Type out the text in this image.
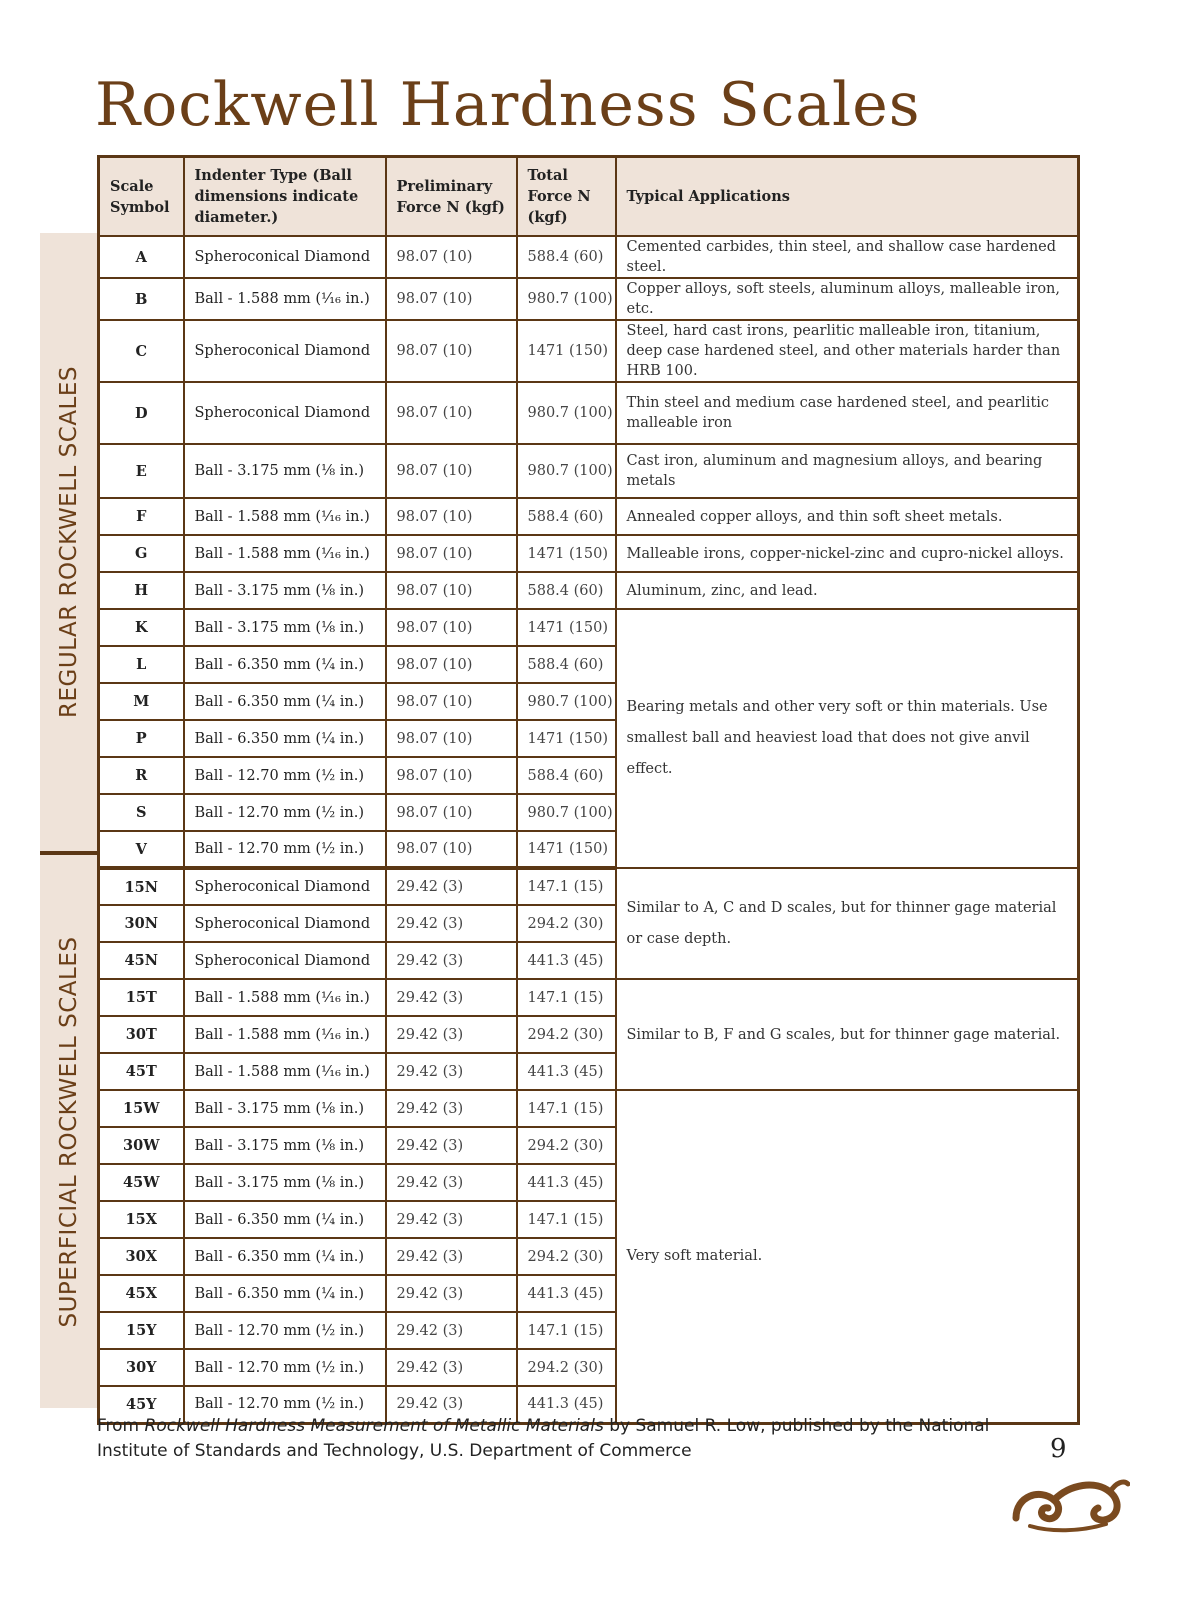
Rockwell Hardness Scales
REGULAR ROCKWELL SCALES
SUPERFICIAL ROCKWELL SCALES
Scale Symbol	Indenter Type (Ball dimensions indicate diameter.)	Preliminary Force N (kgf)	Total Force N (kgf)	Typical Applications
A	Spheroconical Diamond	98.07 (10)	588.4 (60)	Cemented carbides, thin steel, and shallow case hardened steel.
B	Ball - 1.588 mm (¹⁄₁₆ in.)	98.07 (10)	980.7 (100)	Copper alloys, soft steels, aluminum alloys, malleable iron, etc.
C	Spheroconical Diamond	98.07 (10)	1471 (150)	Steel, hard cast irons, pearlitic malleable iron, titanium, deep case hardened steel, and other materials harder than HRB 100.
D	Spheroconical Diamond	98.07 (10)	980.7 (100)	Thin steel and medium case hardened steel, and pearlitic malleable iron
E	Ball - 3.175 mm (⅛ in.)	98.07 (10)	980.7 (100)	Cast iron, aluminum and magnesium alloys, and bearing metals
F	Ball - 1.588 mm (¹⁄₁₆ in.)	98.07 (10)	588.4 (60)	Annealed copper alloys, and thin soft sheet metals.
G	Ball - 1.588 mm (¹⁄₁₆ in.)	98.07 (10)	1471 (150)	Malleable irons, copper-nickel-zinc and cupro-nickel alloys.
H	Ball - 3.175 mm (⅛ in.)	98.07 (10)	588.4 (60)	Aluminum, zinc, and lead.
K	Ball - 3.175 mm (⅛ in.)	98.07 (10)	1471 (150)	Bearing metals and other very soft or thin materials. Use smallest ball and heaviest load that does not give anvil effect.
L	Ball - 6.350 mm (¼ in.)	98.07 (10)	588.4 (60)	
M	Ball - 6.350 mm (¼ in.)	98.07 (10)	980.7 (100)	
P	Ball - 6.350 mm (¼ in.)	98.07 (10)	1471 (150)	
R	Ball - 12.70 mm (½ in.)	98.07 (10)	588.4 (60)	
S	Ball - 12.70 mm (½ in.)	98.07 (10)	980.7 (100)	
V	Ball - 12.70 mm (½ in.)	98.07 (10)	1471 (150)	
15N	Spheroconical Diamond	29.42 (3)	147.1 (15)	Similar to A, C and D scales, but for thinner gage material or case depth.
30N	Spheroconical Diamond	29.42 (3)	294.2 (30)	
45N	Spheroconical Diamond	29.42 (3)	441.3 (45)	
15T	Ball - 1.588 mm (¹⁄₁₆ in.)	29.42 (3)	147.1 (15)	Similar to B, F and G scales, but for thinner gage material.
30T	Ball - 1.588 mm (¹⁄₁₆ in.)	29.42 (3)	294.2 (30)	
45T	Ball - 1.588 mm (¹⁄₁₆ in.)	29.42 (3)	441.3 (45)	
15W	Ball - 3.175 mm (⅛ in.)	29.42 (3)	147.1 (15)	Very soft material.
30W	Ball - 3.175 mm (⅛ in.)	29.42 (3)	294.2 (30)	
45W	Ball - 3.175 mm (⅛ in.)	29.42 (3)	441.3 (45)	
15X	Ball - 6.350 mm (¼ in.)	29.42 (3)	147.1 (15)	
30X	Ball - 6.350 mm (¼ in.)	29.42 (3)	294.2 (30)	
45X	Ball - 6.350 mm (¼ in.)	29.42 (3)	441.3 (45)	
15Y	Ball - 12.70 mm (½ in.)	29.42 (3)	147.1 (15)	
30Y	Ball - 12.70 mm (½ in.)	29.42 (3)	294.2 (30)	
45Y	Ball - 12.70 mm (½ in.)	29.42 (3)	441.3 (45)	
From Rockwell Hardness Measurement of Metallic Materials by Samuel R. Low, published by the National Institute of Standards and Technology, U.S. Department of Commerce	9
